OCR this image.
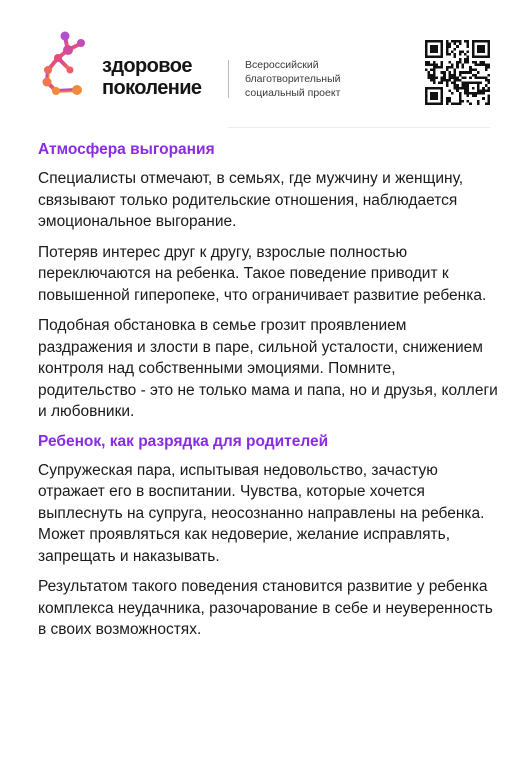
здоровое
поколение
Всероссийский
благотворительный
социальный проект
Атмосфера выгорания

Специалисты отмечают, в семьях, где мужчину и женщину, связывают только родительские отношения, наблюдается эмоциональное выгорание.

Потеряв интерес друг к другу, взрослые полностью переключаются на ребенка. Такое поведение приводит к повышенной гиперопеке, что ограничивает развитие ребенка.

Подобная обстановка в семье грозит проявлением раздражения и злости в паре, сильной усталости, снижением контроля над собственными эмоциями. Помните, родительство - это не только мама и папа, но и друзья, коллеги и любовники.

Ребенок, как разрядка для родителей

Супружеская пара, испытывая недовольство, зачастую отражает его в воспитании. Чувства, которые хочется выплеснуть на супруга, неосознанно направлены на ребенка. Может проявляться как недоверие, желание исправлять, запрещать и наказывать.

Результатом такого поведения становится развитие у ребенка комплекса неудачника, разочарование в себе и неуверенность в своих возможностях.
